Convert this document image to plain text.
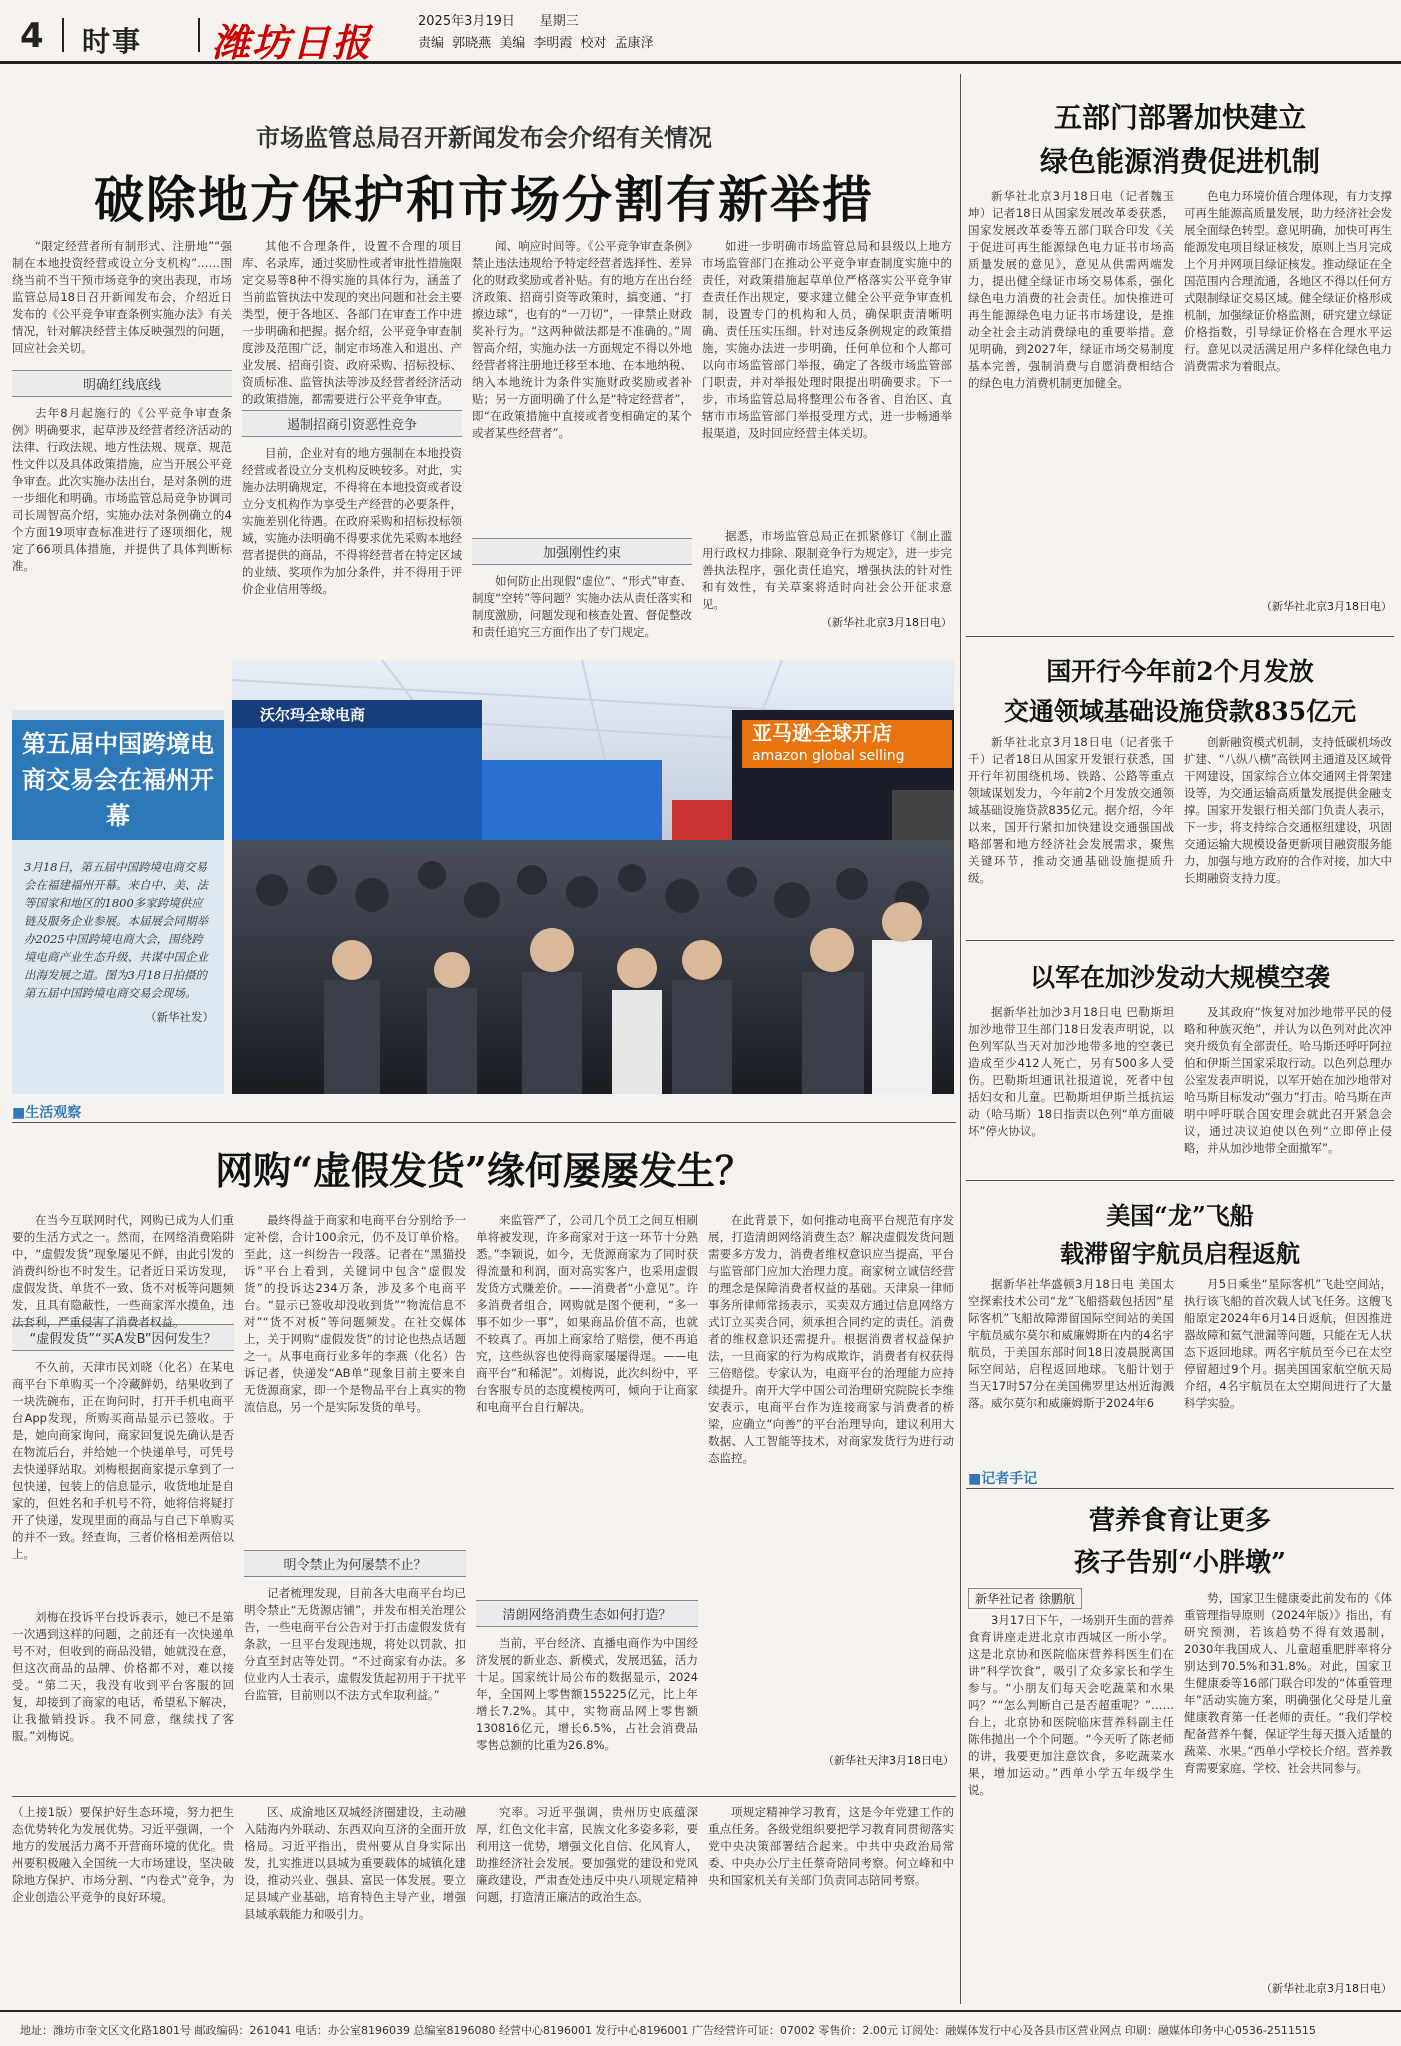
4 时事 潍坊日报	2025年3月19日 星期三
责编 郭晓燕 美编 李明霞 校对 孟康泽
市场监管总局召开新闻发布会介绍有关情况
破除地方保护和市场分割有新举措
“限定经营者所有制形式、注册地”“强制在本地投资经营或设立分支机构”……围绕当前不当干预市场竞争的突出表现，市场监管总局18日召开新闻发布会，介绍近日发布的《公平竞争审查条例实施办法》有关情况，针对解决经营主体反映强烈的问题，回应社会关切。
明确红线底线
去年8月起施行的《公平竞争审查条例》明确要求，起草涉及经营者经济活动的法律、行政法规、地方性法规、规章、规范性文件以及具体政策措施，应当开展公平竞争审查。此次实施办法出台，是对条例的进一步细化和明确。市场监管总局竞争协调司司长周智高介绍，实施办法对条例确立的4个方面19项审查标准进行了逐项细化，规定了66项具体措施，并提供了具体判断标准。
其他不合理条件，设置不合理的项目库、名录库，通过奖励性或者审批性措施限定交易等8种不得实施的具体行为，涵盖了当前监管执法中发现的突出问题和社会主要类型，便于各地区、各部门在审查工作中进一步明确和把握。据介绍，公平竞争审查制度涉及范围广泛，制定市场准入和退出、产业发展、招商引资、政府采购、招标投标、资质标准、监管执法等涉及经营者经济活动的政策措施，都需要进行公平竞争审查。
遏制招商引资恶性竞争
目前，企业对有的地方强制在本地投资经营或者设立分支机构反映较多。对此，实施办法明确规定，不得将在本地投资或者设立分支机构作为享受生产经营的必要条件，实施差别化待遇。在政府采购和招标投标领域，实施办法明确不得要求优先采购本地经营者提供的商品，不得将经营者在特定区域的业绩、奖项作为加分条件，并不得用于评价企业信用等级。
闻、响应时间等。《公平竞争审查条例》禁止违法违规给予特定经营者选择性、差异化的财政奖励或者补贴。有的地方在出台经济政策、招商引资等政策时，搞变通、“打擦边球”，也有的“一刀切”，一律禁止财政奖补行为。“这两种做法都是不准确的。”周智高介绍，实施办法一方面规定不得以外地经营者将注册地迁移至本地、在本地纳税、纳入本地统计为条件实施财政奖励或者补贴；另一方面明确了什么是“特定经营者”，即“在政策措施中直接或者变相确定的某个或者某些经营者”。
加强刚性约束
如何防止出现假“虚位”、“形式”审查、制度“空转”等问题？实施办法从责任落实和制度激励，问题发现和核查处置、督促整改和责任追究三方面作出了专门规定。
如进一步明确市场监管总局和县级以上地方市场监管部门在推动公平竞争审查制度实施中的责任，对政策措施起草单位严格落实公平竞争审查责任作出规定，要求建立健全公平竞争审查机制，设置专门的机构和人员，确保职责清晰明确、责任压实压细。针对违反条例规定的政策措施，实施办法进一步明确，任何单位和个人都可以向市场监管部门举报，确定了各级市场监管部门职责，并对举报处理时限提出明确要求。下一步，市场监管总局将整理公布各省、自治区、直辖市市场监管部门举报受理方式，进一步畅通举报渠道，及时回应经营主体关切。
据悉，市场监管总局正在抓紧修订《制止滥用行政权力排除、限制竞争行为规定》，进一步完善执法程序，强化责任追究，增强执法的针对性和有效性，有关草案将适时向社会公开征求意见。
（新华社北京3月18日电）
第五届中国跨境电商交易会在福州开幕
3月18日，第五届中国跨境电商交易会在福建福州开幕。来自中、美、法等国家和地区的1800多家跨境供应链及服务企业参展。本届展会同期举办2025中国跨境电商大会，围绕跨境电商产业生态升级、共谋中国企业出海发展之道。图为3月18日拍摄的第五届中国跨境电商交易会现场。
（新华社发）
沃尔玛全球电商
亚马逊全球开店
amazon global selling
■生活观察
网购“虚假发货”缘何屡屡发生？
在当今互联网时代，网购已成为人们重要的生活方式之一。然而，在网络消费陷阱中，“虚假发货”现象屡见不鲜，由此引发的消费纠纷也不时发生。记者近日采访发现，虚假发货、单货不一致、货不对板等问题频发，且具有隐蔽性，一些商家浑水摸鱼，违法套利，严重侵害了消费者权益。
“虚假发货”“买A发B”因何发生？
不久前，天津市民刘晓（化名）在某电商平台下单购买一个冷藏鲜奶，结果收到了一块洗碗布，正在询问时，打开手机电商平台App发现，所购买商品显示已签收。于是，她向商家询问，商家回复说先确认是否在物流后台，并给她一个快递单号，可凭号去快递驿站取。刘梅根据商家提示拿到了一包快递，包装上的信息显示，收货地址是自家的，但姓名和手机号不符，她将信将疑打开了快递，发现里面的商品与自己下单购买的并不一致。经查询，三者价格相差两倍以上。
刘梅在投诉平台投诉表示，她已不是第一次遇到这样的问题，之前还有一次快递单号不对，但收到的商品没错，她就没在意，但这次商品的品牌、价格都不对，难以接受。“第二天，我没有收到平台客服的回复，却接到了商家的电话，希望私下解决，让我撤销投诉。我不同意，继续找了客服。”刘梅说。
最终得益于商家和电商平台分别给予一定补偿，合计100余元，仍不及订单价格。至此，这一纠纷告一段落。记者在“黑猫投诉”平台上看到，关键词中包含“虚假发货”的投诉达234万条，涉及多个电商平台。“显示已签收却没收到货”“物流信息不对”“货不对板”等问题频发。在社交媒体上，关于网购“虚假发货”的讨论也热点话题之一。从事电商行业多年的李燕（化名）告诉记者，快递发“AB单”现象目前主要来自无货源商家，即一个是物品平台上真实的物流信息，另一个是实际发货的单号。
明令禁止为何屡禁不止？
记者梳理发现，目前各大电商平台均已明令禁止“无货源店铺”，并发布相关治理公告，一些电商平台公告对于打击虚假发货有条款，一旦平台发现违规，将处以罚款、扣分直至封店等处罚。“不过商家有办法。多位业内人士表示，虚假发货起初用于干扰平台监管，目前则以不法方式牟取利益。”
来监管严了，公司几个员工之间互相刷单将被发现，许多商家对于这一环节十分熟悉。”李颖说，如今，无货源商家为了同时获得流量和利润，面对高实客户，也采用虚假发货方式赚差价。——消费者“小意见”。许多消费者组合，网购就是图个便利，“多一事不如少一事”，如果商品价值不高，也就不较真了。再加上商家给了赔偿，便不再追究，这些纵容也使得商家屡屡得逞。——电商平台“和稀泥”。刘梅说，此次纠纷中，平台客服专员的态度模棱两可，倾向于让商家和电商平台自行解决。
清朗网络消费生态如何打造？
当前，平台经济、直播电商作为中国经济发展的新业态、新模式，发展迅猛，活力十足。国家统计局公布的数据显示，2024年，全国网上零售额155225亿元，比上年增长7.2%。其中，实物商品网上零售额130816亿元，增长6.5%，占社会消费品零售总额的比重为26.8%。
在此背景下，如何推动电商平台规范有序发展，打造清朗网络消费生态？解决虚假发货问题需要多方发力，消费者维权意识应当提高，平台与监管部门应加大治理力度。商家树立诚信经营的理念是保障消费者权益的基础。天津泉一律师事务所律师常扬表示，买卖双方通过信息网络方式订立买卖合同，须承担合同约定的责任。消费者的维权意识还需提升。根据消费者权益保护法，一旦商家的行为构成欺诈，消费者有权获得三倍赔偿。专家认为，电商平台的治理能力应持续提升。南开大学中国公司治理研究院院长李维安表示，电商平台作为连接商家与消费者的桥梁，应确立“向善”的平台治理导向，建议利用大数据、人工智能等技术，对商家发货行为进行动态监控。
（新华社天津3月18日电）
（上接1版）要保护好生态环境，努力把生态优势转化为发展优势。习近平强调，一个地方的发展活力离不开营商环境的优化。贵州要积极融入全国统一大市场建设，坚决破除地方保护、市场分割、“内卷式”竞争，为企业创造公平竞争的良好环境。
区、成渝地区双城经济圈建设，主动融入陆海内外联动、东西双向互济的全面开放格局。习近平指出，贵州要从自身实际出发，扎实推进以县城为重要载体的城镇化建设，推动兴业、强县、富民一体发展。要立足县域产业基础，培育特色主导产业，增强县域承载能力和吸引力。
究率。习近平强调，贵州历史底蕴深厚，红色文化丰富，民族文化多姿多彩，要利用这一优势，增强文化自信、化风育人，助推经济社会发展。要加强党的建设和党风廉政建设，严肃查处违反中央八项规定精神问题，打造清正廉洁的政治生态。
项规定精神学习教育，这是今年党建工作的重点任务。各级党组织要把学习教育同贯彻落实党中央决策部署结合起来。中共中央政治局常委、中央办公厅主任蔡奇陪同考察。何立峰和中央和国家机关有关部门负责同志陪同考察。
五部门部署加快建立
绿色能源消费促进机制
新华社北京3月18日电（记者魏玉坤）记者18日从国家发展改革委获悉，国家发展改革委等五部门联合印发《关于促进可再生能源绿色电力证书市场高质量发展的意见》，意见从供需两端发力，提出健全绿证市场交易体系，强化绿色电力消费的社会责任。加快推进可再生能源绿色电力证书市场建设，是推动全社会主动消费绿电的重要举措。意见明确，到2027年，绿证市场交易制度基本完善，强制消费与自愿消费相结合的绿色电力消费机制更加健全。
色电力环境价值合理体现，有力支撑可再生能源高质量发展，助力经济社会发展全面绿色转型。意见明确，加快可再生能源发电项目绿证核发，原则上当月完成上个月并网项目绿证核发。推动绿证在全国范围内合理流通，各地区不得以任何方式限制绿证交易区域。健全绿证价格形成机制，加强绿证价格监测，研究建立绿证价格指数，引导绿证价格在合理水平运行。意见以灵活满足用户多样化绿色电力消费需求为着眼点。
（新华社北京3月18日电）
国开行今年前2个月发放
交通领域基础设施贷款835亿元
新华社北京3月18日电（记者张千千）记者18日从国家开发银行获悉，国开行年初围绕机场、铁路、公路等重点领域谋划发力，今年前2个月发放交通领域基础设施贷款835亿元。据介绍，今年以来，国开行紧扣加快建设交通强国战略部署和地方经济社会发展需求，聚焦关键环节，推动交通基础设施提质升级。
创新融资模式机制，支持低碳机场改扩建、“八纵八横”高铁网主通道及区域骨干网建设，国家综合立体交通网主骨架建设等，为交通运输高质量发展提供金融支撑。国家开发银行相关部门负责人表示，下一步，将支持综合交通枢纽建设，巩固交通运输大规模设备更新项目融资服务能力，加强与地方政府的合作对接，加大中长期融资支持力度。
以军在加沙发动大规模空袭
据新华社加沙3月18日电 巴勒斯坦加沙地带卫生部门18日发表声明说，以色列军队当天对加沙地带多地的空袭已造成至少412人死亡，另有500多人受伤。巴勒斯坦通讯社报道说，死者中包括妇女和儿童。巴勒斯坦伊斯兰抵抗运动（哈马斯）18日指责以色列“单方面破坏”停火协议。
及其政府“恢复对加沙地带平民的侵略和种族灭绝”，并认为以色列对此次冲突升级负有全部责任。哈马斯还呼吁阿拉伯和伊斯兰国家采取行动。以色列总理办公室发表声明说，以军开始在加沙地带对哈马斯目标发动“强力”打击。哈马斯在声明中呼吁联合国安理会就此召开紧急会议，通过决议迫使以色列“立即停止侵略，并从加沙地带全面撤军”。
美国“龙”飞船
载滞留宇航员启程返航
据新华社华盛顿3月18日电 美国太空探索技术公司“龙”飞船搭载包括因“星际客机”飞船故障滞留国际空间站的美国宇航员威尔莫尔和威廉姆斯在内的4名宇航员，于美国东部时间18日凌晨脱离国际空间站，启程返回地球。飞船计划于当天17时57分在美国佛罗里达州近海溅落。威尔莫尔和威廉姆斯于2024年6
月5日乘坐“星际客机”飞赴空间站，执行该飞船的首次载人试飞任务。这艘飞船原定2024年6月14日返航，但因推进器故障和氦气泄漏等问题，只能在无人状态下返回地球。两名宇航员至今已在太空停留超过9个月。据美国国家航空航天局介绍，4名宇航员在太空期间进行了大量科学实验。
■记者手记
营养食育让更多
孩子告别“小胖墩”
新华社记者 徐鹏航
3月17日下午，一场别开生面的营养食育讲座走进北京市西城区一所小学。这是北京协和医院临床营养科医生们在讲“科学饮食”，吸引了众多家长和学生参与。“小朋友们每天会吃蔬菜和水果吗？”“怎么判断自己是否超重呢？”……台上，北京协和医院临床营养科副主任陈伟抛出一个个问题。“今天听了陈老师的讲，我要更加注意饮食，多吃蔬菜水果，增加运动。”西单小学五年级学生说。
势，国家卫生健康委此前发布的《体重管理指导原则（2024年版）》指出，有研究预测，若该趋势不得有效遏制，2030年我国成人、儿童超重肥胖率将分别达到70.5%和31.8%。对此，国家卫生健康委等16部门联合印发的“体重管理年”活动实施方案，明确强化父母是儿童健康教育第一任老师的责任。“我们学校配备营养午餐，保证学生每天摄入适量的蔬菜、水果。”西单小学校长介绍。营养教育需要家庭、学校、社会共同参与。
（新华社北京3月18日电）
地址：潍坊市奎文区文化路1801号 邮政编码：261041 电话：办公室8196039 总编室8196080 经营中心8196001 发行中心8196001 广告经营许可证：07002 零售价：2.00元 订阅处：融媒体发行中心及各县市区营业网点 印刷：融媒体印务中心0536-2511515
